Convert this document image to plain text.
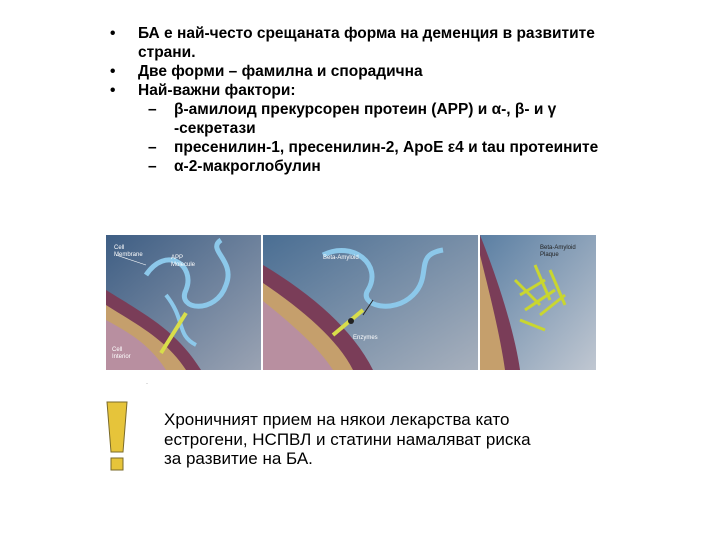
• БА е най-често срещаната форма на деменция в развитите страни.

• Две форми – фамилна и спорадична

• Най-важни фактори:

– β-амилоид прекурсорен протеин (APP) и α-, β- и γ -секретази

– пресенилин-1, пресенилин-2, ApoE ε4 и tau протеините

– α-2-макроглобулин

Cell Membrane	APP Molecule
Cell Interior
Beta-Amyloid
Enzymes
Beta-Amyloid Plaque
·
Хроничният прием на някои лекарства като естрогени, НСПВЛ и статини намаляват риска за развитие на БА.
